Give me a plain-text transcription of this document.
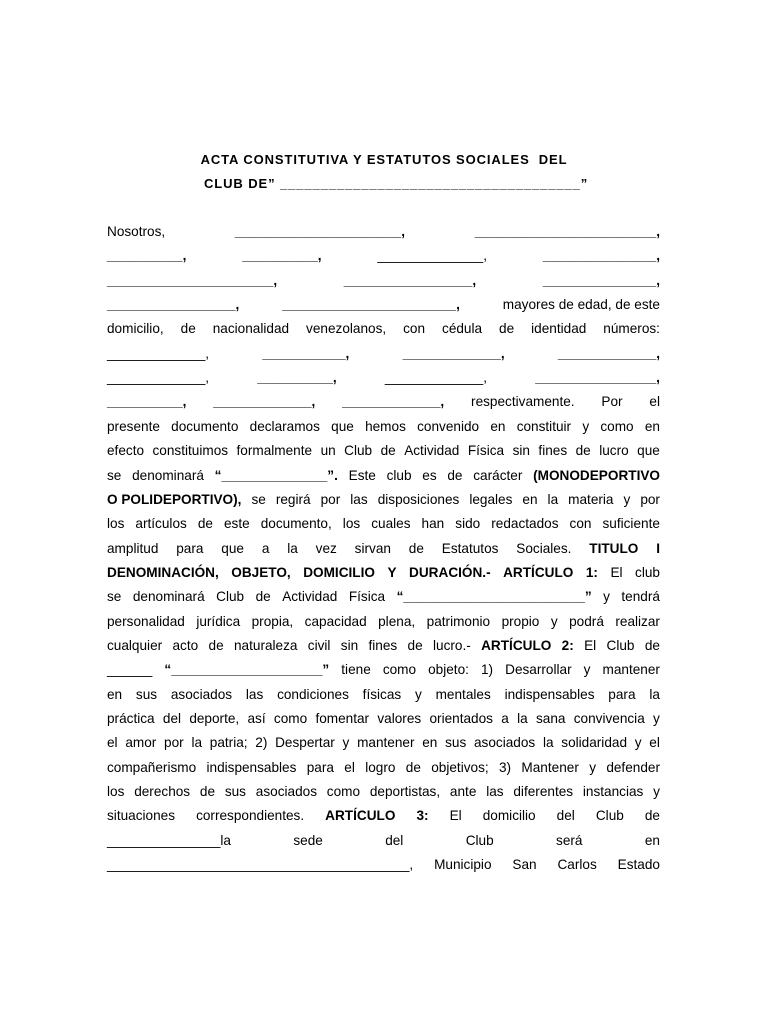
ACTA CONSTITUTIVA Y ESTATUTOS SOCIALES  DEL
CLUB DE” _____________________________________”
Nosotros,	______________________,	________________________,
__________,	__________,	______________,	_______________,
______________________,	_________________,	_______________,
_________________,	_______________________,	mayores de edad, de este
domicilio, de nacionalidad venezolanos, con cédula de identidad números:
_____________,	___________,	_____________,	_____________,
_____________,	__________,	_____________,	________________,
__________, _____________, _____________, respectivamente. Por el
presente documento declaramos que hemos convenido en constituir y como en
efecto constituimos formalmente un Club de Actividad Física sin fines de lucro que
se denominará “______________”. Este club es de carácter (MONODEPORTIVO
O POLIDEPORTIVO), se regirá por las disposiciones legales en la materia y por
los artículos de este documento, los cuales han sido redactados con suficiente
amplitud para que a la vez sirvan de Estatutos Sociales. TITULO I
DENOMINACIÓN, OBJETO, DOMICILIO Y DURACIÓN.- ARTÍCULO 1: El club
se denominará Club de Actividad Física “________________________” y tendrá
personalidad jurídica propia, capacidad plena, patrimonio propio y podrá realizar
cualquier acto de naturaleza civil sin fines de lucro.- ARTÍCULO 2: El Club de
______ “____________________” tiene como objeto: 1) Desarrollar y mantener
en sus asociados las condiciones físicas y mentales indispensables para la
práctica del deporte, así como fomentar valores orientados a la sana convivencia y
el amor por la patria; 2) Despertar y mantener en sus asociados la solidaridad y el
compañerismo indispensables para el logro de objetivos; 3) Mantener y defender
los derechos de sus asociados como deportistas, ante las diferentes instancias y
situaciones correspondientes. ARTÍCULO 3: El domicilio del Club de
_______________la	sede	del	Club	será	en
________________________________________, Municipio San Carlos Estado
